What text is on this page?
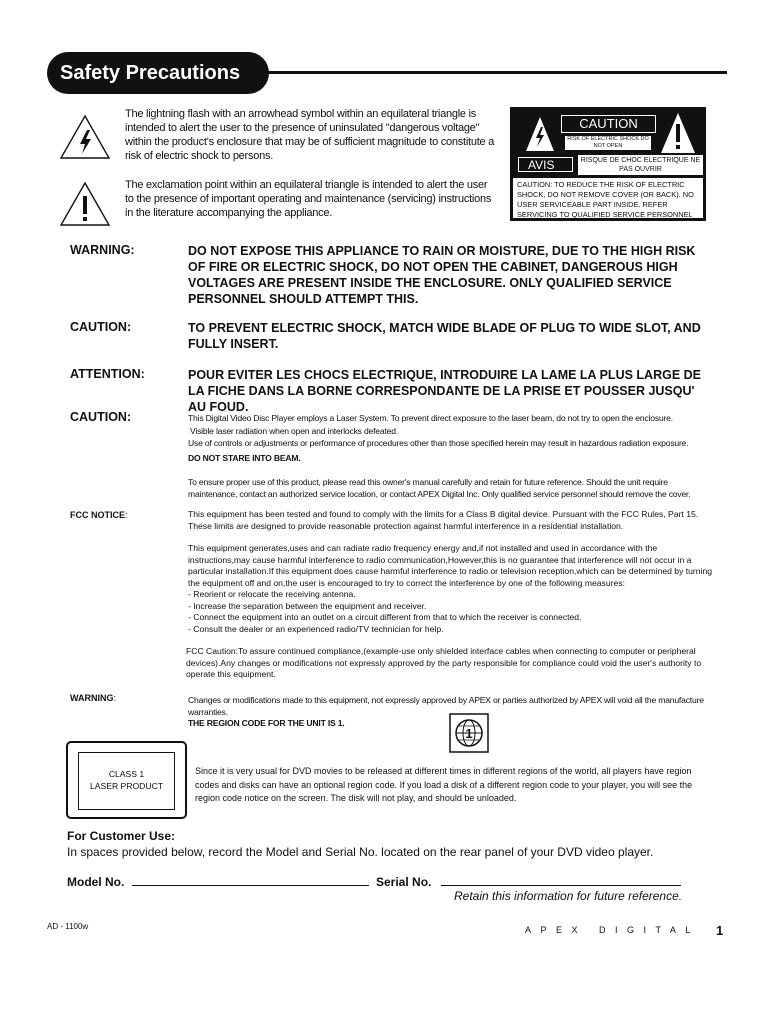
Safety Precautions
The lightning flash with an arrowhead symbol within an equilateral triangle is intended to alert the user to the presence of uninsulated "dangerous voltage" within the product's enclosure that may be of sufficient magnitude to constitute a risk of electric shock to persons.
The exclamation point within an equilateral triangle is intended to alert the user to the presence of important operating and maintenance (servicing) instructions in the literature accompanying the appliance.
CAUTION
RISK OF ELECTRIC SHOCK DO NOT OPEN
AVIS	RISQUE DE CHOC ELECTRIQUE NE PAS OUVRIR
CAUTION: TO REDUCE THE RISK OF ELECTRIC SHOCK, DO NOT REMOVE COVER (OR BACK). NO USER SERVICEABLE PART INSIDE. REFER SERVICING TO QUALIFIED SERVICE PERSONNEL
WARNING:	DO NOT EXPOSE THIS APPLIANCE TO RAIN OR MOISTURE, DUE TO THE HIGH RISK OF FIRE OR ELECTRIC SHOCK, DO NOT OPEN THE CABINET, DANGEROUS HIGH VOLTAGES ARE PRESENT INSIDE THE ENCLOSURE. ONLY QUALIFIED SERVICE PERSONNEL SHOULD ATTEMPT THIS.
CAUTION:	TO PREVENT ELECTRIC SHOCK, MATCH WIDE BLADE OF PLUG TO WIDE SLOT, AND FULLY INSERT.
ATTENTION:	POUR EVITER LES CHOCS ELECTRIQUE, INTRODUIRE LA LAME LA PLUS LARGE DE LA FICHE DANS LA BORNE CORRESPONDANTE DE LA PRISE ET POUSSER JUSQU' AU FOUD.
CAUTION:	This Digital Video Disc Player employs a Laser System. To prevent direct exposure to the laser beam, do not try to open the enclosure.
Visible laser radiation when open and interlocks defeated.
Use of controls or adjustments or performance of procedures other than those specified herein may result in hazardous radiation exposure.
DO NOT STARE INTO BEAM.
To ensure proper use of this product, please read this owner's manual carefully and retain for future reference. Should the unit require maintenance, contact an authorized service location, or contact APEX Digital Inc. Only qualified service personnel should remove the cover.
FCC NOTICE:	This equipment has been tested and found to comply with the limits for a Class B digital device. Pursuant with the FCC Rules, Part 15. These limits are designed to provide reasonable protection against harmful interference in a residential installation.
This equipment generates,uses and can radiate radio frequency energy and,if not installed and used in accordance with the instructions,may cause harmful interference to radio communication,However,this is no guarantee that interference will not occur in a particular installation.If this equipment does cause harmful interference to radio or television reception,which can be determined by turning the equipment off and on,the user is encouraged to try to correct the interference by one of the following measures:
- Reorient or relocate the receiving antenna.
- Increase the separation between the equipment and receiver.
- Connect the equipment into an outlet on a circuit different from that to which the receiver is connected.
- Consult the dealer or an experienced radio/TV technician for help.
FCC Caution:To assure continued compliance,(example-use only shielded interface cables when connecting to computer or peripheral devices).Any changes or modifications not expressly approved by the party responsible for compliance could void the user's authority to operate this equipment.
WARNING:	Changes or modifications made to this equipment, not expressly approved by APEX or parties authorized by APEX will void all the manufacture warranties.
THE REGION CODE FOR THE UNIT IS 1.
1
CLASS 1
LASER PRODUCT
Since it is very usual for DVD movies to be released at different times in different regions of the world, all players have region codes and disks can have an optional region code. If you load a disk of a different region code to your player, you will see the region code notice on the screen. The disk will not play, and should be unloaded.
For Customer Use:
In spaces provided below, record the Model and Serial No. located on the rear panel of your DVD video player.
Model No.	Serial No.
Retain this information for future reference.
AD - 1100w	APEX DIGITAL 1
